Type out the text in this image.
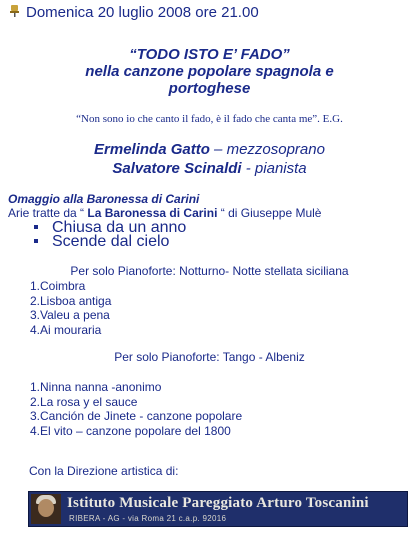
Domenica 20 luglio 2008 ore 21.00
“TODO ISTO E’ FADO”
nella canzone popolare spagnola e
portoghese
“Non sono io che canto il fado, è il fado che canta me”. E.G.
Ermelinda Gatto – mezzosoprano
Salvatore Scinaldi - pianista
Omaggio alla Baronessa di Carini
Arie tratte da “ La Baronessa di Carini “ di Giuseppe Mulè
Chiusa da un anno
Scende dal cielo
Per solo Pianoforte: Notturno- Notte stellata siciliana
1.Coimbra
2.Lisboa antiga
3.Valeu a pena
4.Ai mouraria
Per solo Pianoforte: Tango - Albeniz
1.Ninna nanna -anonimo
2.La rosa y el sauce
3.Canción de Jinete - canzone popolare
4.El vito – canzone popolare del 1800
Con la Direzione artistica di:
Istituto Musicale Pareggiato Arturo Toscanini
RIBERA - AG - via Roma 21 c.a.p. 92016
